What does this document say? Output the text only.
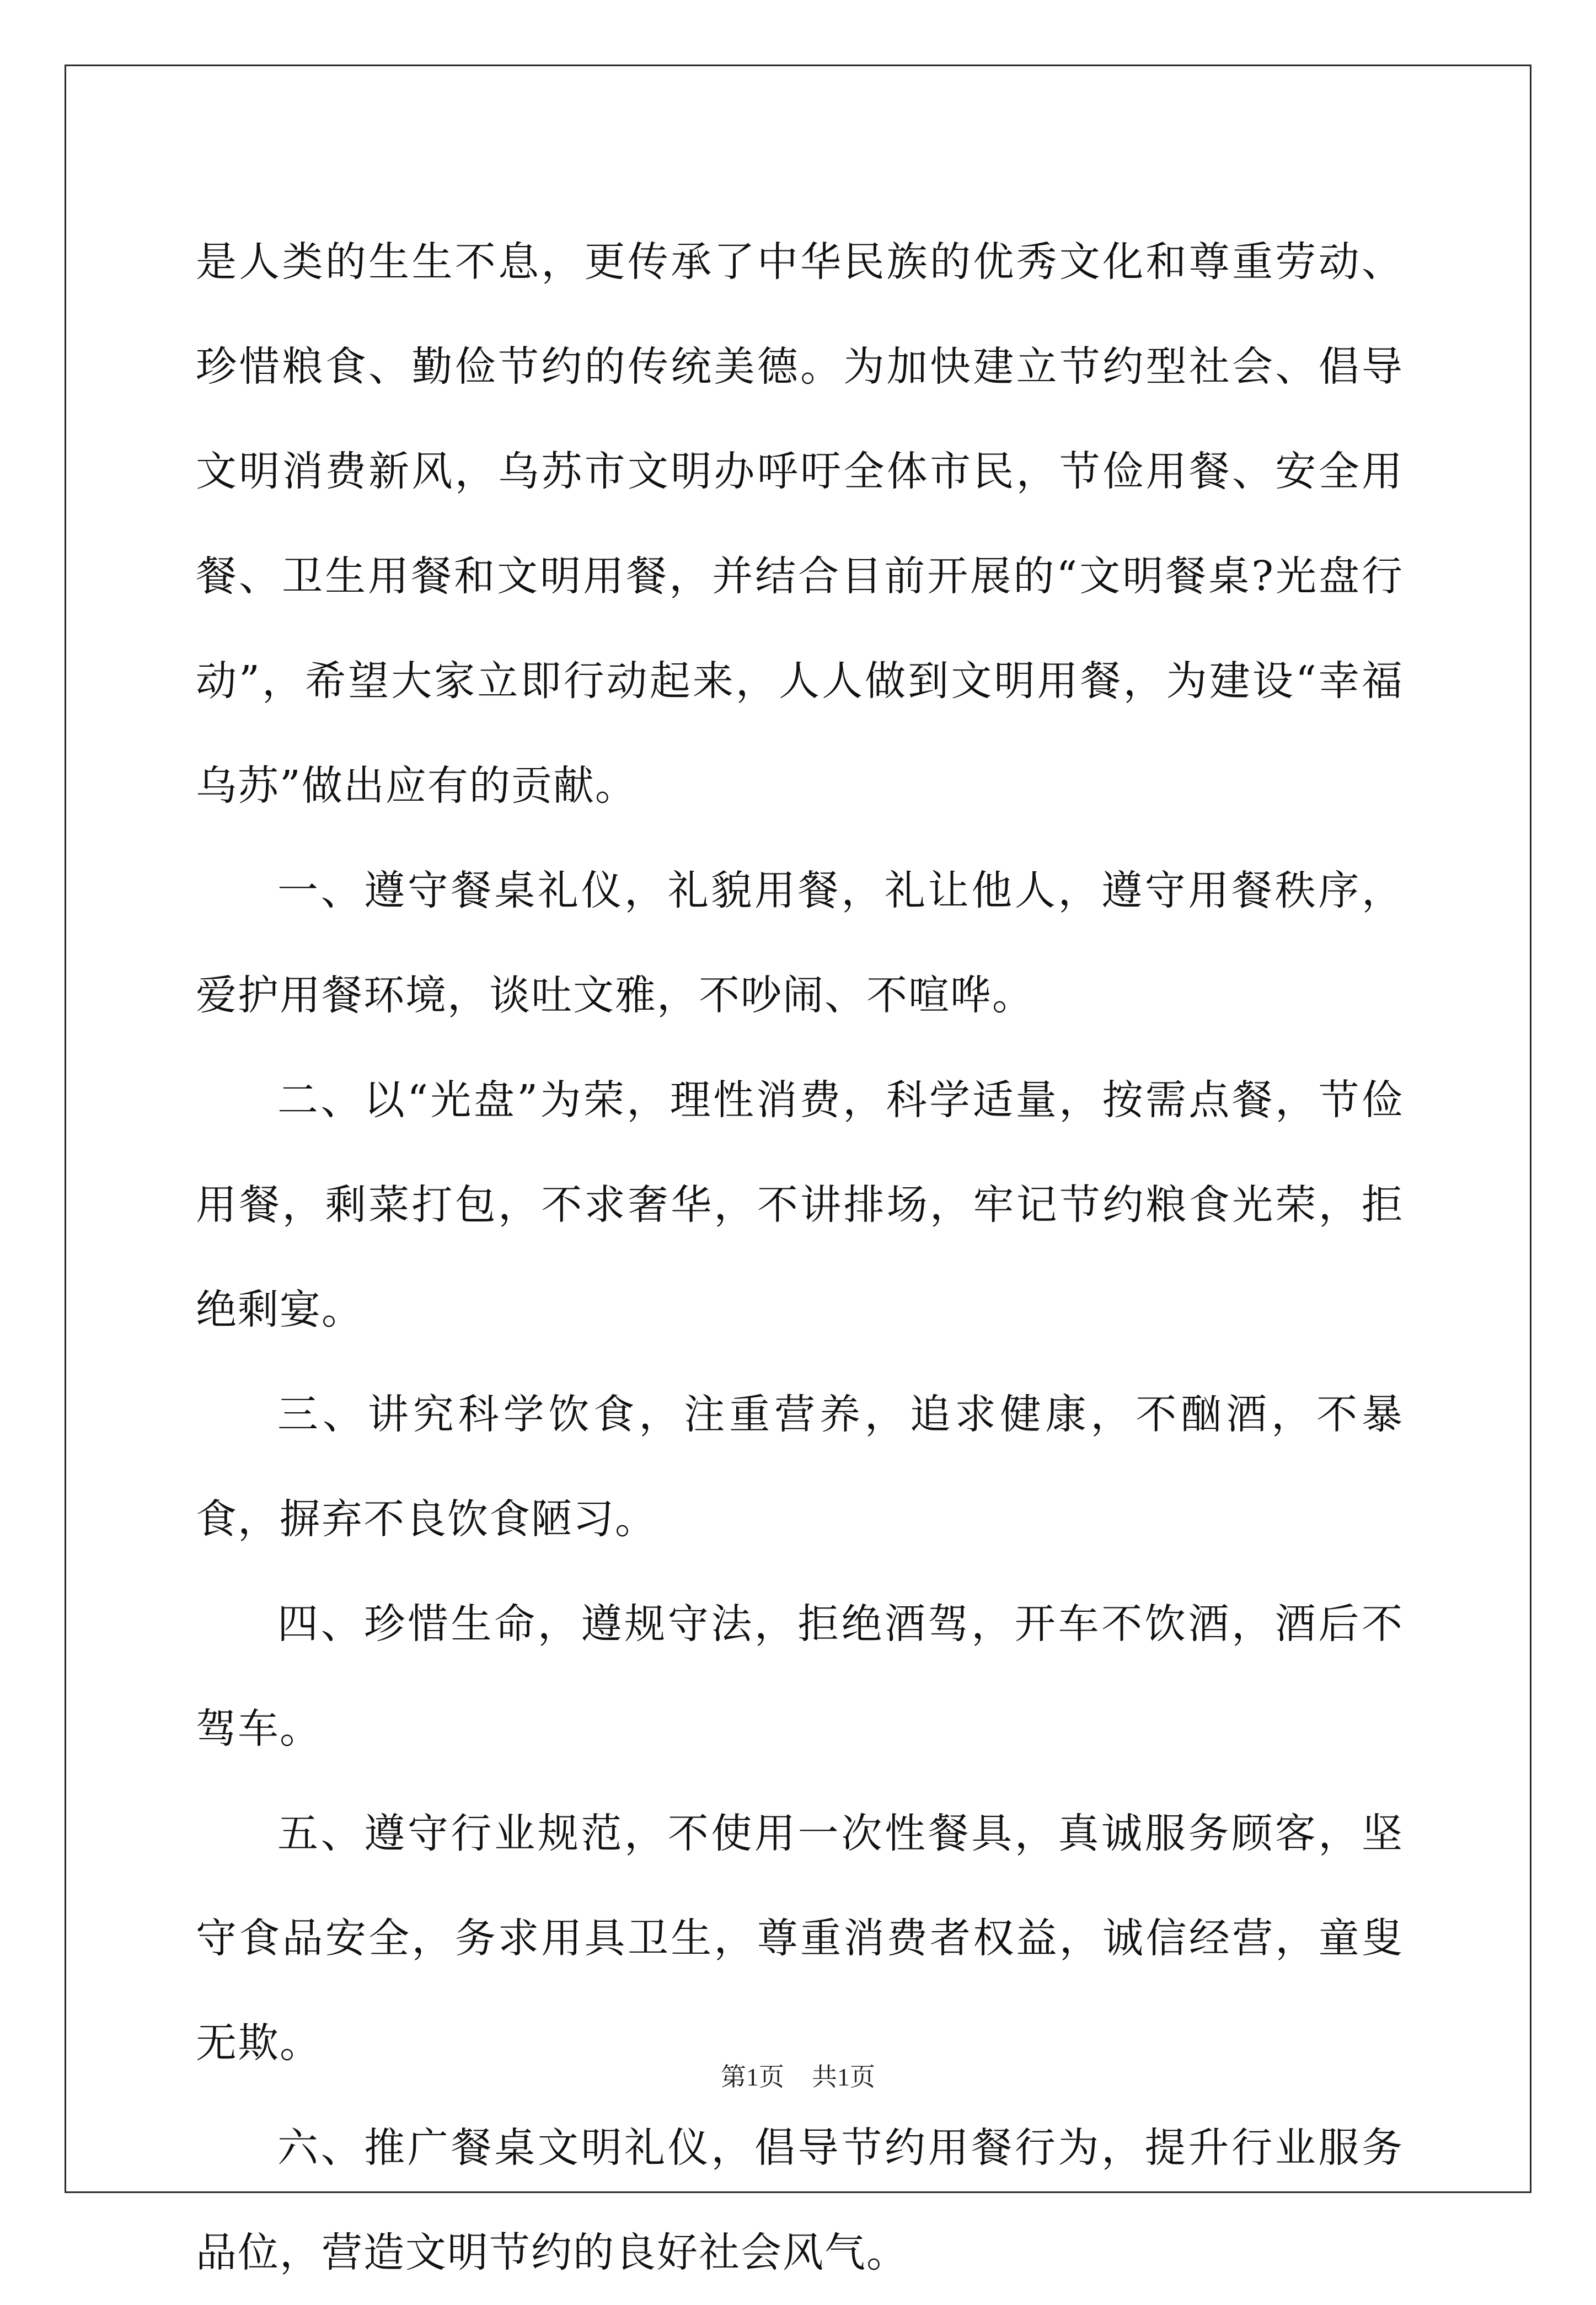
是人类的生生不息，更传承了中华民族的优秀文化和尊重劳动、珍惜粮食、勤俭节约的传统美德。为加快建立节约型社会、倡导文明消费新风，乌苏市文明办呼吁全体市民，节俭用餐、安全用餐、卫生用餐和文明用餐，并结合目前开展的“文明餐桌?光盘行动”，希望大家立即行动起来，人人做到文明用餐，为建设“幸福乌苏”做出应有的贡献。

一、遵守餐桌礼仪，礼貌用餐，礼让他人，遵守用餐秩序，爱护用餐环境，谈吐文雅，不吵闹、不喧哗。

二、以“光盘”为荣，理性消费，科学适量，按需点餐，节俭用餐，剩菜打包，不求奢华，不讲排场，牢记节约粮食光荣，拒绝剩宴。

三、讲究科学饮食，注重营养，追求健康，不酗酒，不暴食，摒弃不良饮食陋习。

四、珍惜生命，遵规守法，拒绝酒驾，开车不饮酒，酒后不驾车。

五、遵守行业规范，不使用一次性餐具，真诚服务顾客，坚守食品安全，务求用具卫生，尊重消费者权益，诚信经营，童叟无欺。

六、推广餐桌文明礼仪，倡导节约用餐行为，提升行业服务品位，营造文明节约的良好社会风气。

第1页 共1页
